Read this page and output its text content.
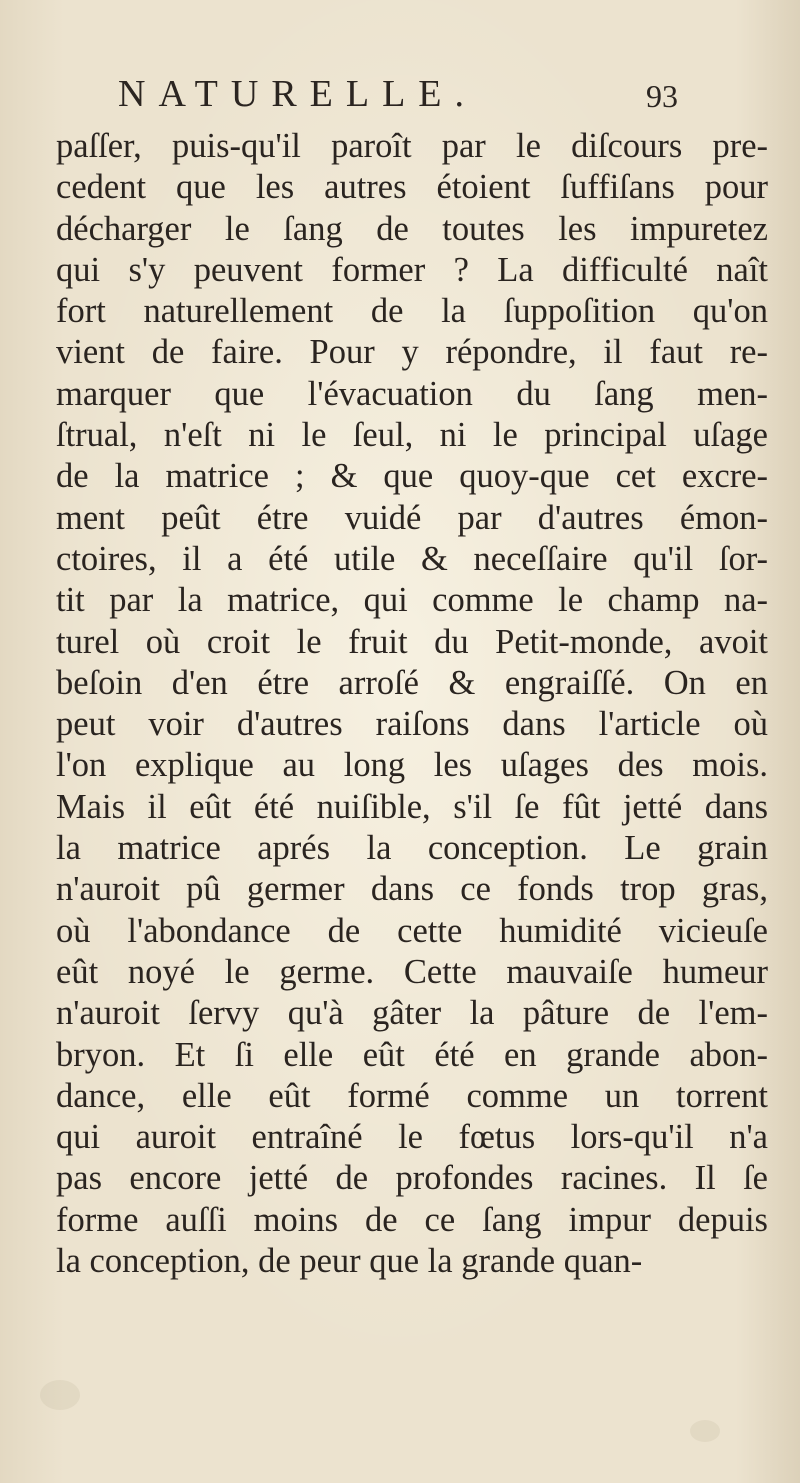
NATURELLE.	93
paſſer, puis-qu'il paroît par le diſcours pre-
cedent que les autres étoient ſuffiſans pour
décharger le ſang de toutes les impuretez
qui s'y peuvent former ? La difficulté naît
fort naturellement de la ſuppoſition qu'on
vient de faire. Pour y répondre, il faut re-
marquer que l'évacuation du ſang men-
ſtrual, n'eſt ni le ſeul, ni le principal uſage
de la matrice ; & que quoy-que cet excre-
ment peût étre vuidé par d'autres émon-
ctoires, il a été utile & neceſſaire qu'il ſor-
tit par la matrice, qui comme le champ na-
turel où croit le fruit du Petit-monde, avoit
beſoin d'en étre arroſé & engraiſſé. On en
peut voir d'autres raiſons dans l'article où
l'on explique au long les uſages des mois.
Mais il eût été nuiſible, s'il ſe fût jetté dans
la matrice aprés la conception. Le grain
n'auroit pû germer dans ce fonds trop gras,
où l'abondance de cette humidité vicieuſe
eût noyé le germe. Cette mauvaiſe humeur
n'auroit ſervy qu'à gâter la pâture de l'em-
bryon. Et ſi elle eût été en grande abon-
dance, elle eût formé comme un torrent
qui auroit entraîné le fœtus lors-qu'il n'a
pas encore jetté de profondes racines. Il ſe
forme auſſi moins de ce ſang impur depuis
la conception, de peur que la grande quan-
